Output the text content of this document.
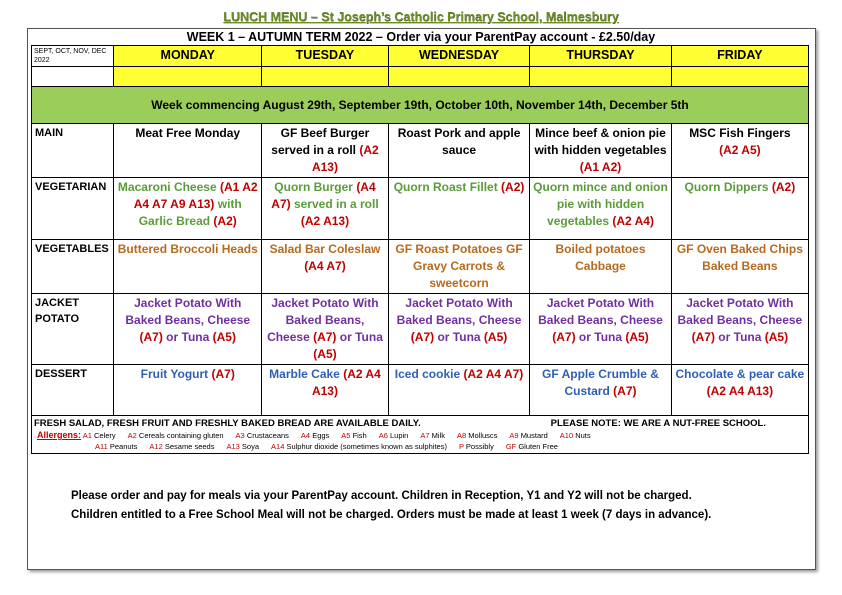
LUNCH MENU – St Joseph’s Catholic Primary School, Malmesbury
WEEK 1 – AUTUMN TERM 2022 – Order via your ParentPay account - £2.50/day
SEPT, OCT, NOV, DEC 2022	MONDAY	TUESDAY	WEDNESDAY	THURSDAY	FRIDAY

Week commencing August 29th, September 19th, October 10th, November 14th, December 5th					
MAIN	Meat Free Monday	GF Beef Burger served in a roll (A2 A13)	Roast Pork and apple sauce	Mince beef & onion pie with hidden vegetables (A1 A2)	MSC Fish Fingers
(A2 A5)
VEGETARIAN	Macaroni Cheese (A1 A2 A4 A7 A9 A13) with Garlic Bread (A2)	Quorn Burger (A4 A7) served in a roll (A2 A13)	Quorn Roast Fillet (A2)	Quorn mince and onion pie with hidden vegetables (A2 A4)	Quorn Dippers (A2)
VEGETABLES	Buttered Broccoli Heads	Salad Bar Coleslaw (A4 A7)	GF Roast Potatoes GF Gravy Carrots & sweetcorn	Boiled potatoes Cabbage	GF Oven Baked Chips Baked Beans
JACKET POTATO	Jacket Potato With Baked Beans, Cheese (A7) or Tuna (A5)	Jacket Potato With Baked Beans, Cheese (A7) or Tuna (A5)	Jacket Potato With Baked Beans, Cheese (A7) or Tuna (A5)	Jacket Potato With Baked Beans, Cheese (A7) or Tuna (A5)	Jacket Potato With Baked Beans, Cheese (A7) or Tuna (A5)
DESSERT	Fruit Yogurt (A7)	Marble Cake (A2 A4 A13)	Iced cookie (A2 A4 A7)	GF Apple Crumble & Custard (A7)	Chocolate & pear cake (A2 A4 A13)

FRESH SALAD, FRESH FRUIT AND FRESHLY BAKED BREAD ARE AVAILABLE DAILY. PLEASE NOTE: WE ARE A NUT-FREE SCHOOL.
Allergens: A1 Celery A2 Cereals containing gluten A3 Crustaceans A4 Eggs A5 Fish A6 Lupin A7 Milk A8 Molluscs A9 Mustard A10 Nuts
A11 Peanuts A12 Sesame seeds A13 Soya A14 Sulphur dioxide (sometimes known as sulphites) P Possibly GF Gluten Free					
Please order and pay for meals via your ParentPay account. Children in Reception, Y1 and Y2 will not be charged.
Children entitled to a Free School Meal will not be charged. Orders must be made at least 1 week (7 days in advance).
